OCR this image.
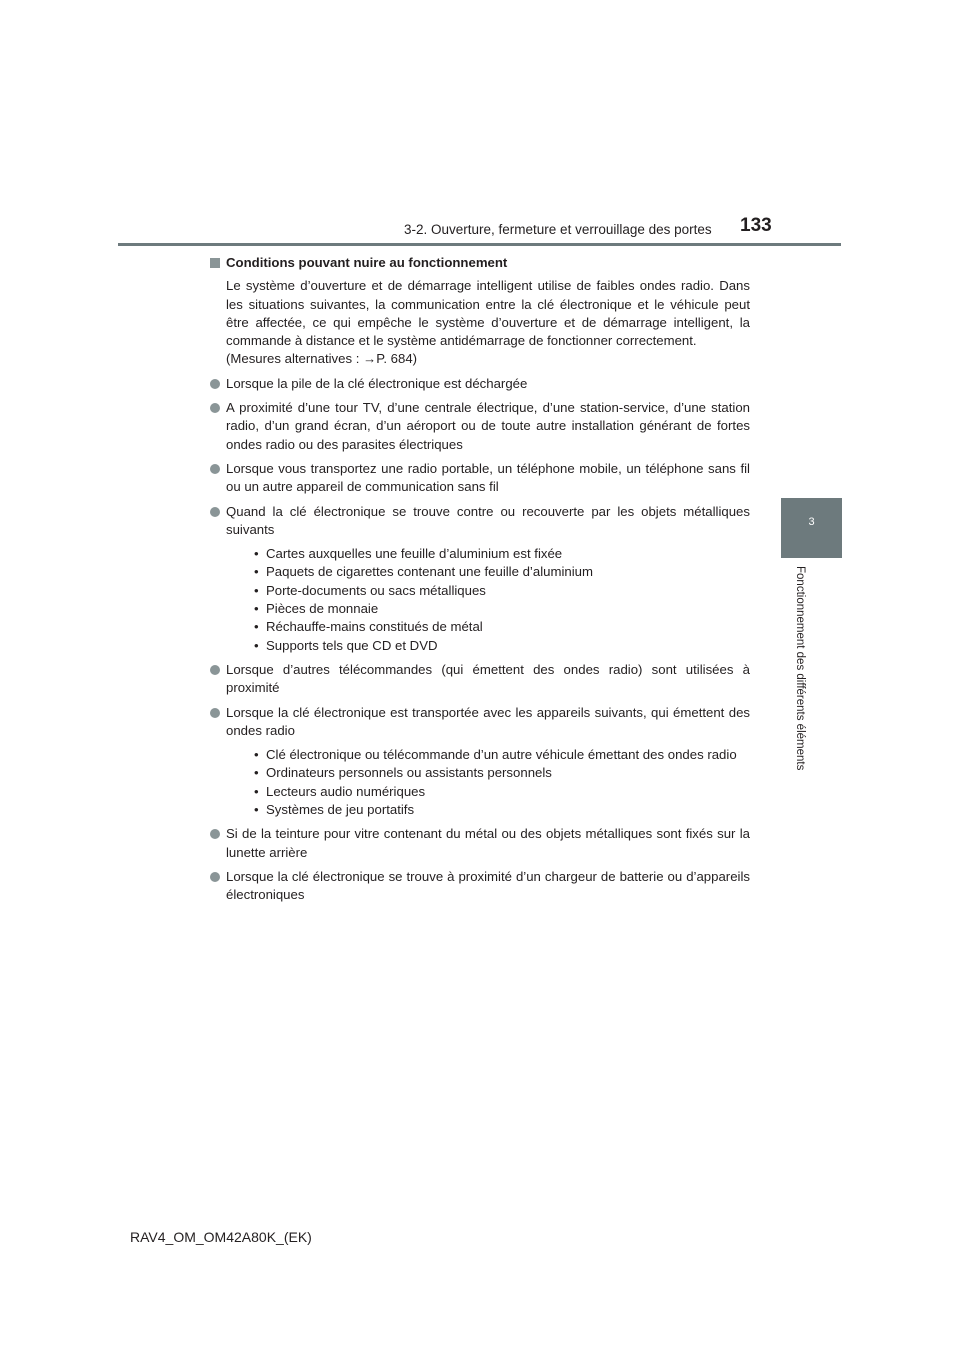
3-2. Ouverture, fermeture et verrouillage des portes 133
3
Fonctionnement des différents éléments
Conditions pouvant nuire au fonctionnement
Le système d’ouverture et de démarrage intelligent utilise de faibles ondes radio. Dans les situations suivantes, la communication entre la clé électronique et le véhicule peut être affectée, ce qui empêche le système d’ouverture et de démarrage intelligent, la commande à distance et le système antidémarrage de fonctionner correctement.
(Mesures alternatives : →P. 684)
Lorsque la pile de la clé électronique est déchargée
A proximité d’une tour TV, d’une centrale électrique, d’une station-service, d’une station radio, d’un grand écran, d’un aéroport ou de toute autre installation générant de fortes ondes radio ou des parasites électriques
Lorsque vous transportez une radio portable, un téléphone mobile, un téléphone sans fil ou un autre appareil de communication sans fil
Quand la clé électronique se trouve contre ou recouverte par les objets métalliques suivants
• Cartes auxquelles une feuille d’aluminium est fixée
• Paquets de cigarettes contenant une feuille d’aluminium
• Porte-documents ou sacs métalliques
• Pièces de monnaie
• Réchauffe-mains constitués de métal
• Supports tels que CD et DVD
Lorsque d’autres télécommandes (qui émettent des ondes radio) sont utilisées à proximité
Lorsque la clé électronique est transportée avec les appareils suivants, qui émettent des ondes radio
• Clé électronique ou télécommande d’un autre véhicule émettant des ondes radio
• Ordinateurs personnels ou assistants personnels
• Lecteurs audio numériques
• Systèmes de jeu portatifs
Si de la teinture pour vitre contenant du métal ou des objets métalliques sont fixés sur la lunette arrière
Lorsque la clé électronique se trouve à proximité d’un chargeur de batterie ou d’appareils électroniques
RAV4_OM_OM42A80K_(EK)
